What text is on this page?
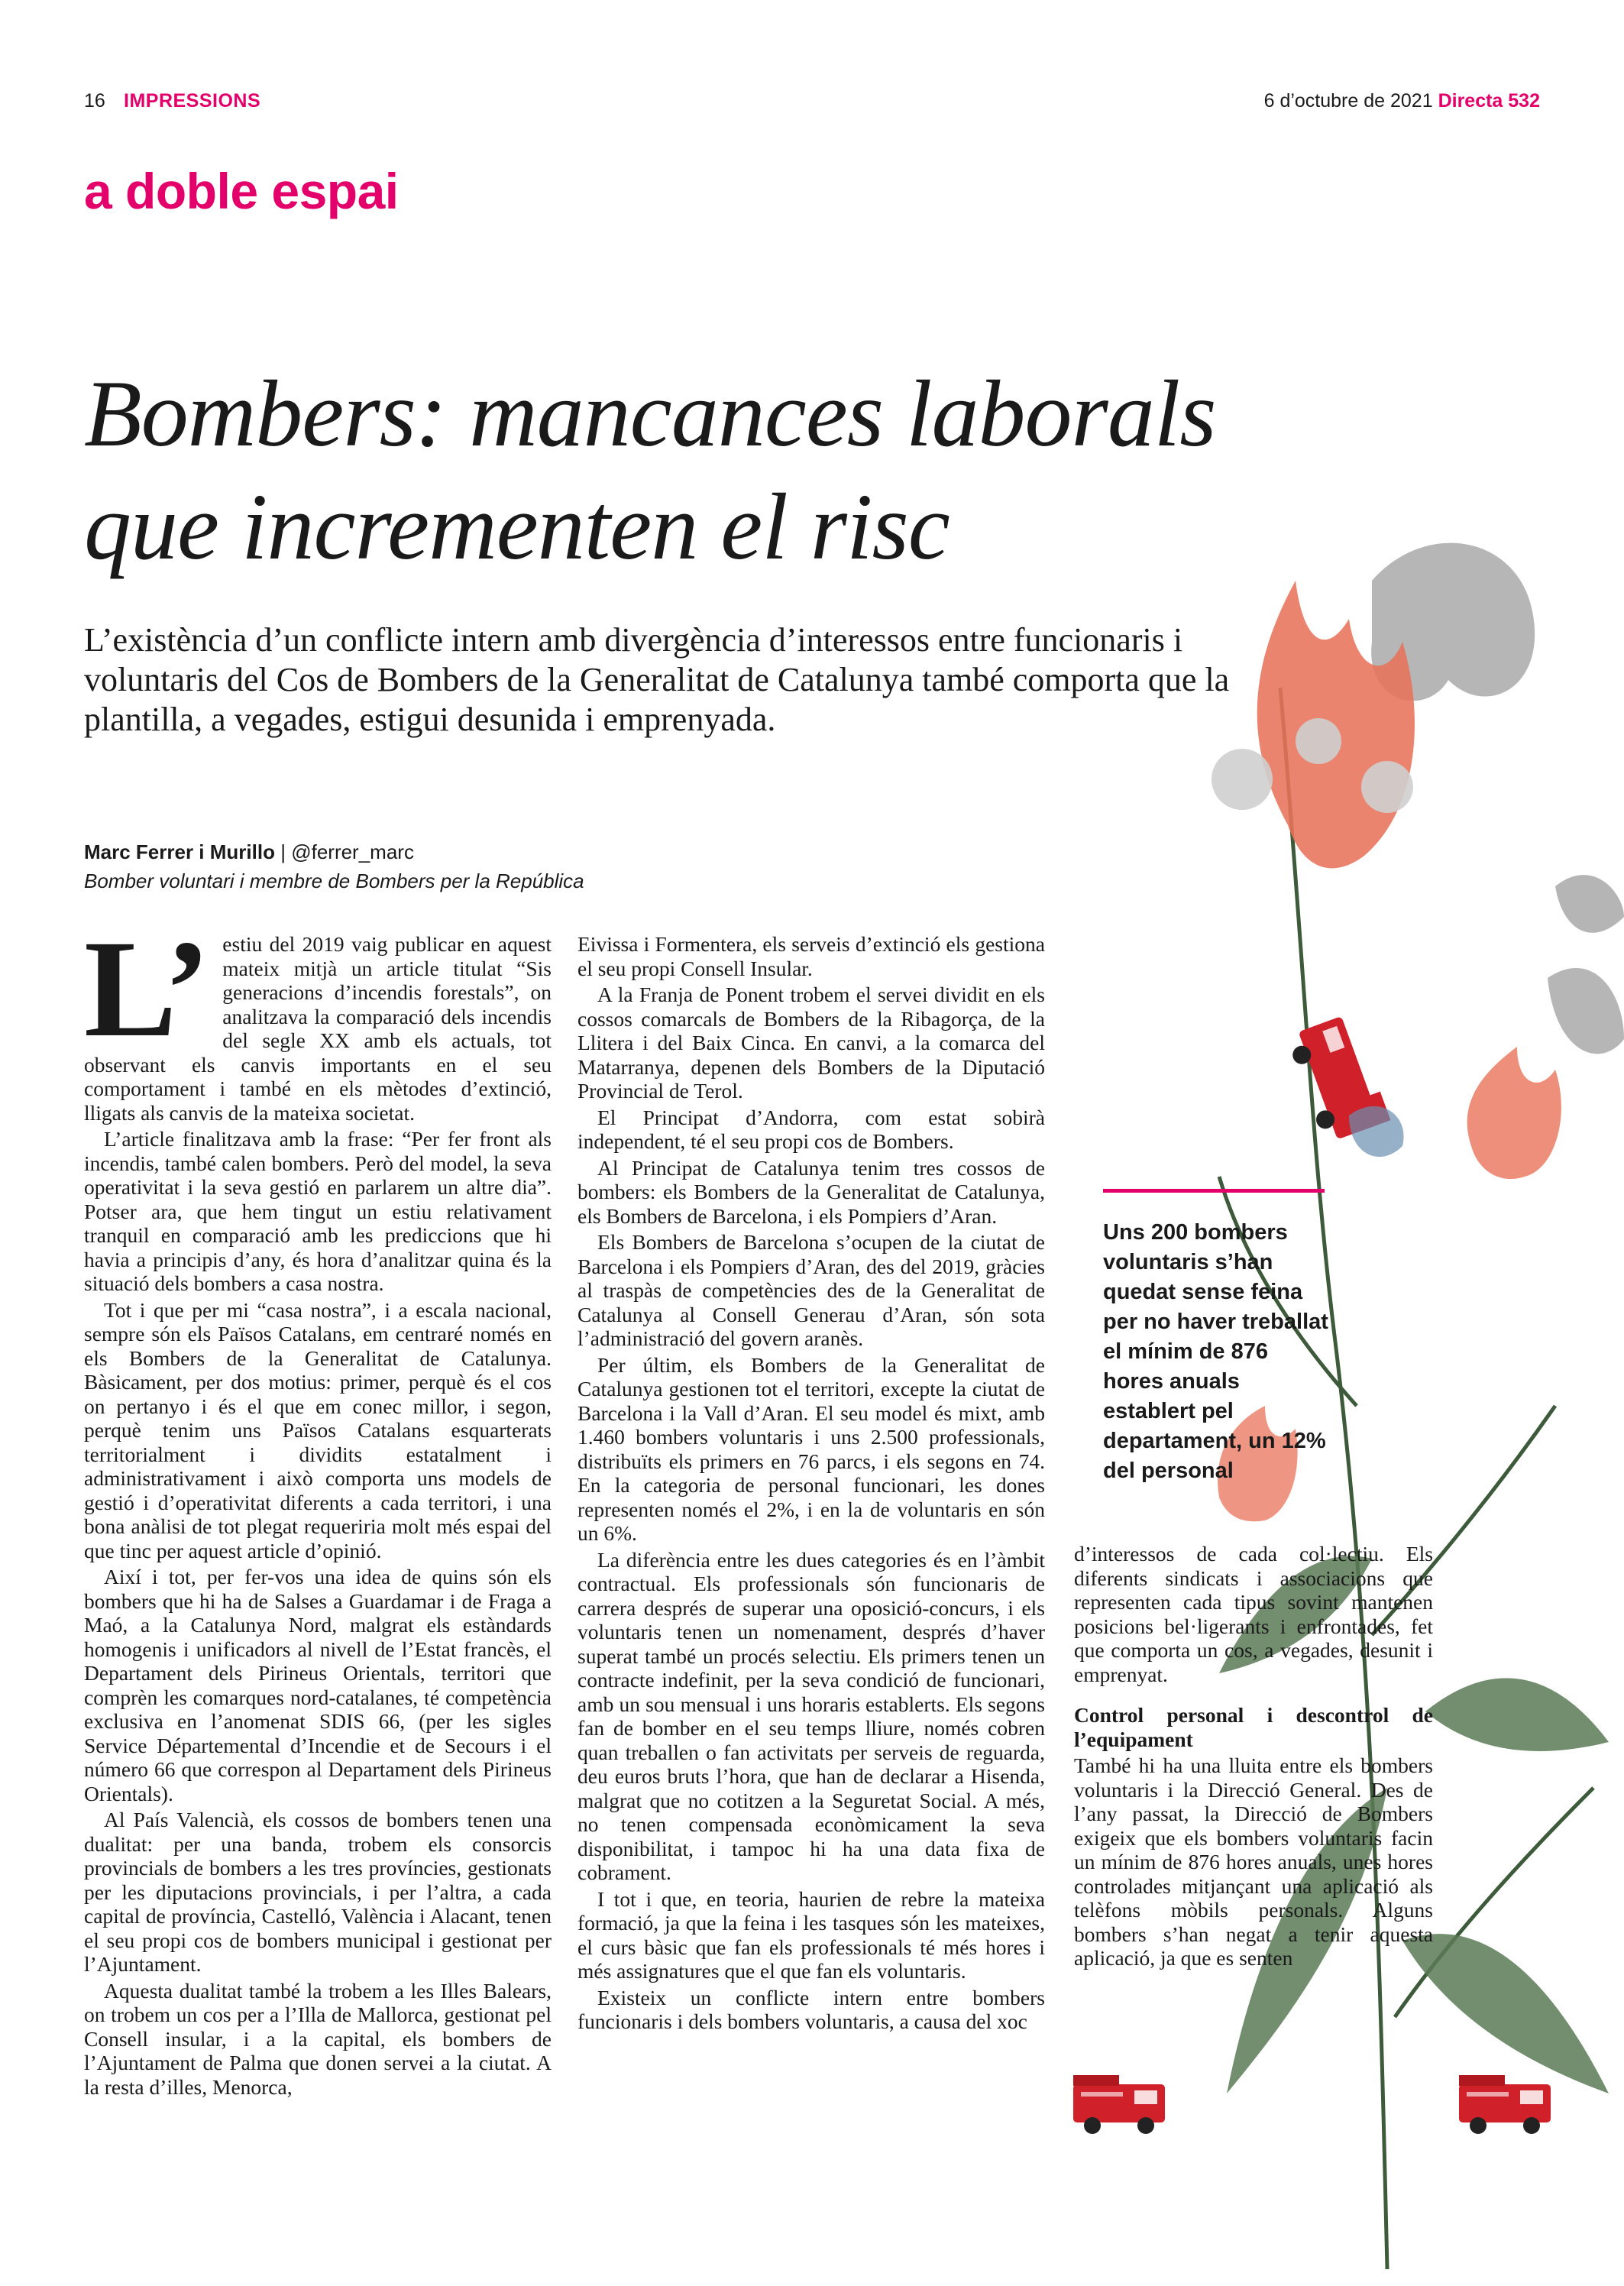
16 IMPRESSIONS	6 d’octubre de 2021 Directa 532
a doble espai
Bombers: mancances laborals
que incrementen el risc
L’existència d’un conflicte intern amb divergència d’interessos entre funcionaris i voluntaris del Cos de Bombers de la Generalitat de Catalunya també comporta que la plantilla, a vegades, estigui desunida i emprenyada.
Marc Ferrer i Murillo | @ferrer_marc
Bomber voluntari i membre de Bombers per la República

L’ estiu del 2019 vaig publicar en aquest mateix mitjà un article titulat “Sis generacions d’incendis forestals”, on analitzava la comparació dels incendis del segle XX amb els actuals, tot observant els canvis importants en el seu comportament i també en els mètodes d’extinció, lligats als canvis de la mateixa societat.

L’article finalitzava amb la frase: “Per fer front als incendis, també calen bombers. Però del model, la seva operativitat i la seva gestió en parlarem un altre dia”. Potser ara, que hem tingut un estiu relativament tranquil en comparació amb les prediccions que hi havia a principis d’any, és hora d’analitzar quina és la situació dels bombers a casa nostra.

Tot i que per mi “casa nostra”, i a escala nacional, sempre són els Països Catalans, em centraré només en els Bombers de la Generalitat de Catalunya. Bàsicament, per dos motius: primer, perquè és el cos on pertanyo i és el que em conec millor, i segon, perquè tenim uns Països Catalans esquarterats territorialment i dividits estatalment i administrativament i això comporta uns models de gestió i d’operativitat diferents a cada territori, i una bona anàlisi de tot plegat requeriria molt més espai del que tinc per aquest article d’opinió.

Així i tot, per fer-vos una idea de quins són els bombers que hi ha de Salses a Guardamar i de Fraga a Maó, a la Catalunya Nord, malgrat els estàndards homogenis i unificadors al nivell de l’Estat francès, el Departament dels Pirineus Orientals, territori que comprèn les comarques nord-catalanes, té competència exclusiva en l’anomenat SDIS 66, (per les sigles Service Départemental d’Incendie et de Secours i el número 66 que correspon al Departament dels Pirineus Orientals).

Al País Valencià, els cossos de bombers tenen una dualitat: per una banda, trobem els consorcis provincials de bombers a les tres províncies, gestionats per les diputacions provincials, i per l’altra, a cada capital de província, Castelló, València i Alacant, tenen el seu propi cos de bombers municipal i gestionat per l’Ajuntament.

Aquesta dualitat també la trobem a les Illes Balears, on trobem un cos per a l’Illa de Mallorca, gestionat pel Consell insular, i a la capital, els bombers de l’Ajuntament de Palma que donen servei a la ciutat. A la resta d’illes, Menorca,

Eivissa i Formentera, els serveis d’extinció els gestiona el seu propi Consell Insular.

A la Franja de Ponent trobem el servei dividit en els cossos comarcals de Bombers de la Ribagorça, de la Llitera i del Baix Cinca. En canvi, a la comarca del Matarranya, depenen dels Bombers de la Diputació Provincial de Terol.

El Principat d’Andorra, com estat sobirà independent, té el seu propi cos de Bombers.

Al Principat de Catalunya tenim tres cossos de bombers: els Bombers de la Generalitat de Catalunya, els Bombers de Barcelona, i els Pompiers d’Aran.

Els Bombers de Barcelona s’ocupen de la ciutat de Barcelona i els Pompiers d’Aran, des del 2019, gràcies al traspàs de competències des de la Generalitat de Catalunya al Consell Generau d’Aran, són sota l’administració del govern aranès.

Per últim, els Bombers de la Generalitat de Catalunya gestionen tot el territori, excepte la ciutat de Barcelona i la Vall d’Aran. El seu model és mixt, amb 1.460 bombers voluntaris i uns 2.500 professionals, distribuïts els primers en 76 parcs, i els segons en 74. En la categoria de personal funcionari, les dones representen només el 2%, i en la de voluntaris en són un 6%.

La diferència entre les dues categories és en l’àmbit contractual. Els professionals són funcionaris de carrera després de superar una oposició-concurs, i els voluntaris tenen un nomenament, després d’haver superat també un procés selectiu. Els primers tenen un contracte indefinit, per la seva condició de funcionari, amb un sou mensual i uns horaris establerts. Els segons fan de bomber en el seu temps lliure, només cobren quan treballen o fan activitats per serveis de reguarda, deu euros bruts l’hora, que han de declarar a Hisenda, malgrat que no cotitzen a la Seguretat Social. A més, no tenen compensada econòmicament la seva disponibilitat, i tampoc hi ha una data fixa de cobrament.

I tot i que, en teoria, haurien de rebre la mateixa formació, ja que la feina i les tasques són les mateixes, el curs bàsic que fan els professionals té més hores i més assignatures que el que fan els voluntaris.

Existeix un conflicte intern entre bombers funcionaris i dels bombers voluntaris, a causa del xoc

Uns 200 bombers voluntaris s’han quedat sense feina per no haver treballat el mínim de 876 hores anuals establert pel departament, un 12% del personal

d’interessos de cada col·lectiu. Els diferents sindicats i associacions que representen cada tipus sovint mantenen posicions bel·ligerants i enfrontades, fet que comporta un cos, a vegades, desunit i emprenyat.

Control personal i descontrol de l’equipament

També hi ha una lluita entre els bombers voluntaris i la Direcció General. Des de l’any passat, la Direcció de Bombers exigeix que els bombers voluntaris facin un mínim de 876 hores anuals, unes hores controlades mitjançant una aplicació als telèfons mòbils personals. Alguns bombers s’han negat a tenir aquesta aplicació, ja que es senten
